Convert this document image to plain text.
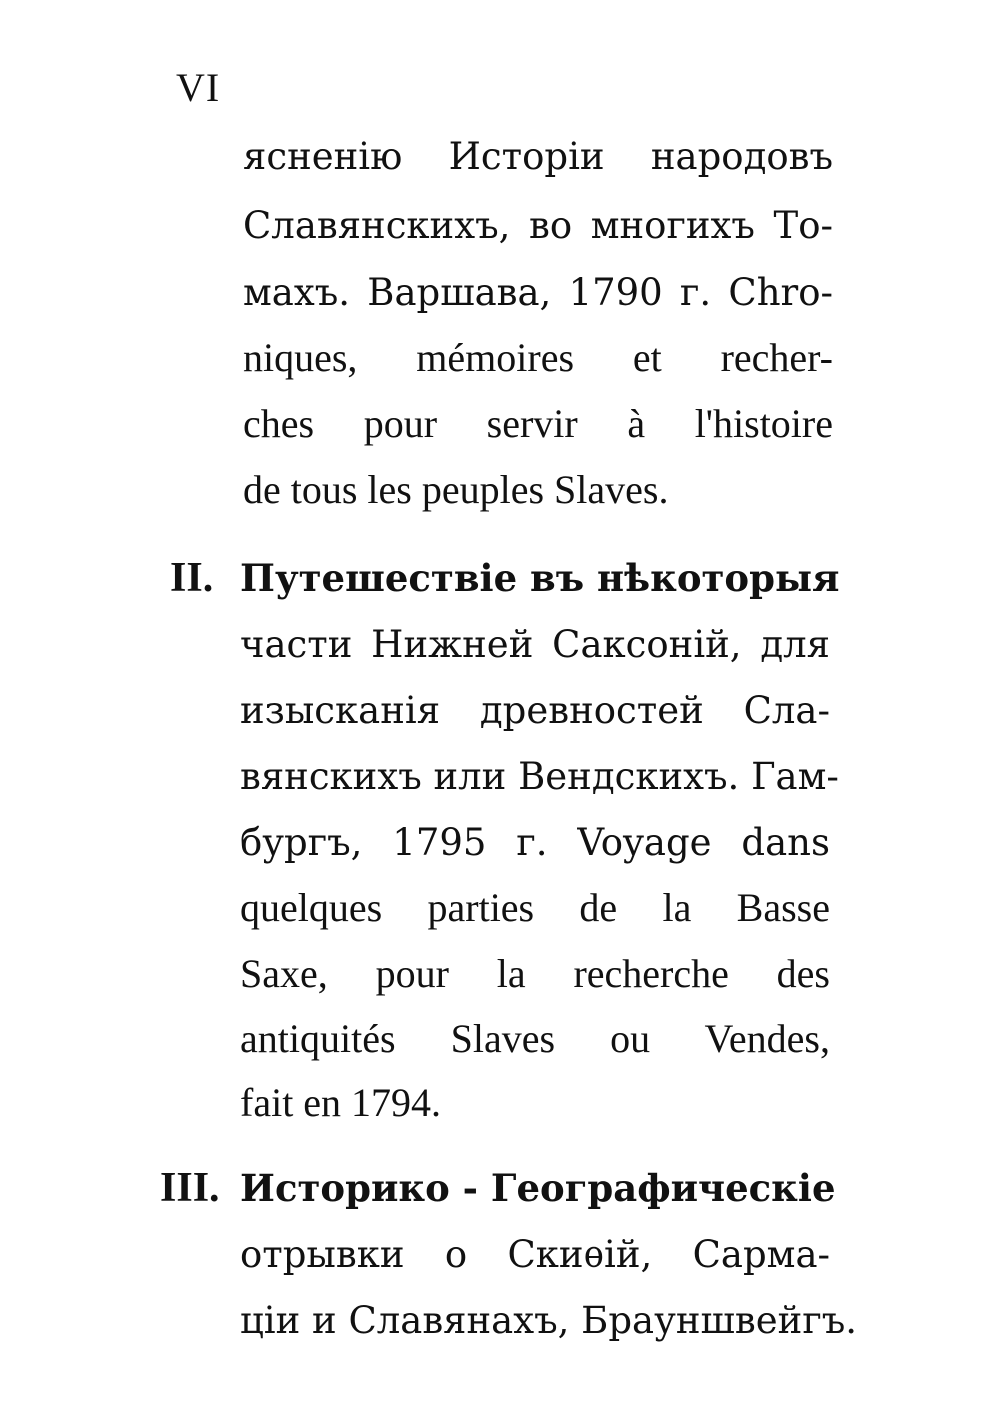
VI
ясненію Исторіи народовъ
Славянскихъ, во многихъ То-
махъ. Варшава, 1790 г. Chro-
niques, mémoires et recher-
ches pour servir à l'histoire
de tous les peuples Slaves.
II. Путешествіе въ нѣкоторыя
части Нижней Саксоній, для
изысканія древностей Сла-
вянскихъ или Вендскихъ. Гам-
бургъ, 1795 г. Voyage dans
quelques parties de la Basse
Saxe, pour la recherche des
antiquités Slaves ou Vendes,
fait en 1794.
III. Историко - Географическіе
отрывки о Скиѳій, Сарма-
ціи и Славянахъ, Брауншвейгъ.
